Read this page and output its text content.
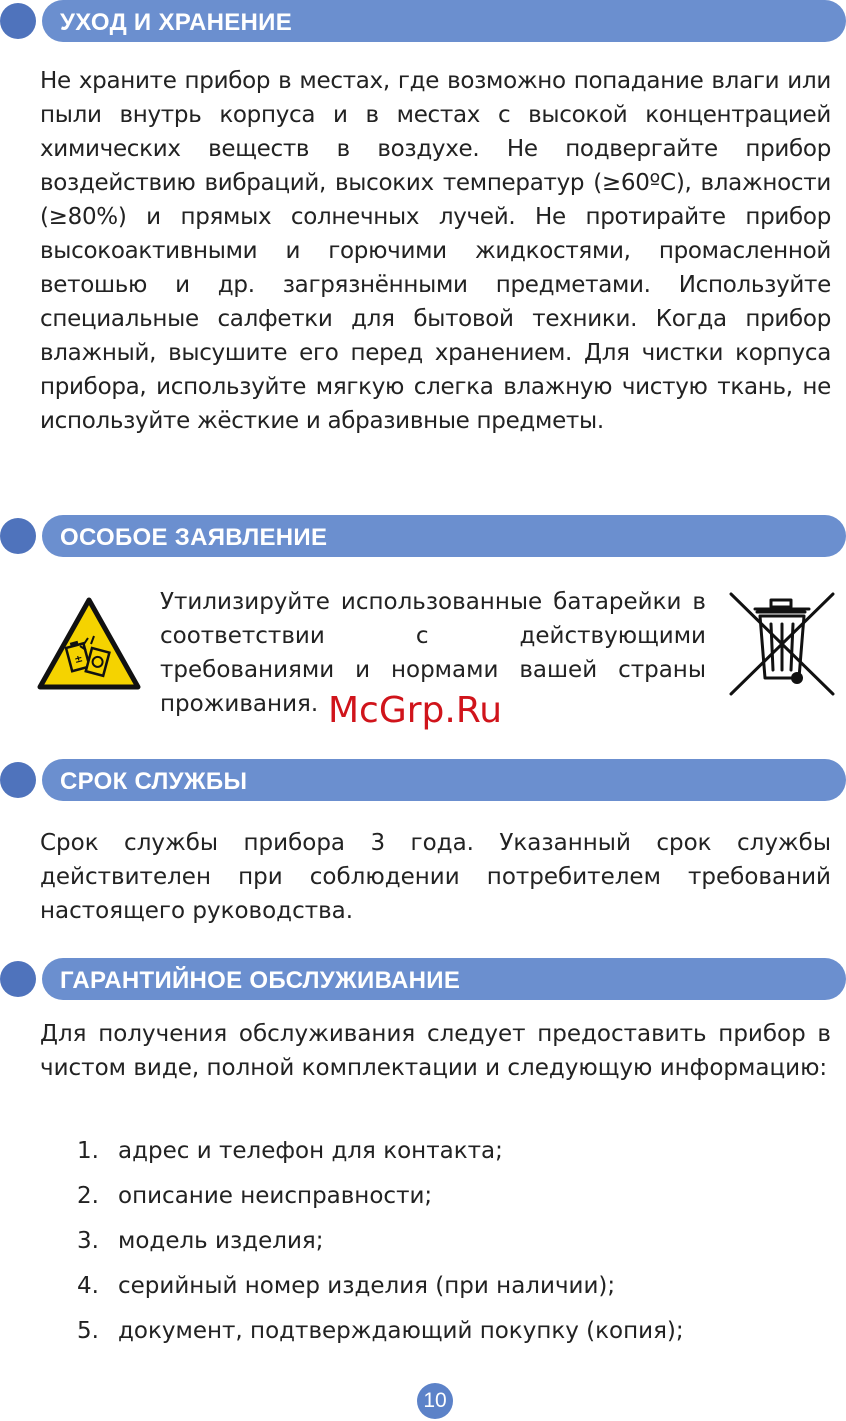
УХОД И ХРАНЕНИЕ

Не храните прибор в местах, где возможно попадание влаги или пыли внутрь корпуса и в местах с высокой концентрацией химических веществ в воздухе. Не подвергайте прибор воздействию вибраций, высоких температур (≥60ºС), влажности (≥80%) и прямых солнечных лучей. Не протирайте прибор высокоактивными и горючими жидкостями, промасленной ветошью и др. загрязнёнными предметами. Используйте специальные салфетки для бытовой техники. Когда прибор влажный, высушите его перед хранением. Для чистки корпуса прибора, используйте мягкую слегка влажную чистую ткань, не используйте жёсткие и абразивные предметы.

ОСОБОЕ ЗАЯВЛЕНИЕ
±

Утилизируйте использованные батарейки в соответствии с действующими требованиями и нормами вашей страны проживания. McGrp.Ru
СРОК СЛУЖБЫ

Срок службы прибора 3 года. Указанный срок службы действителен при соблюдении потребителем требований настоящего руководства.

ГАРАНТИЙНОЕ ОБСЛУЖИВАНИЕ

Для получения обслуживания следует предоставить прибор в чистом виде, полной комплектации и следующую информацию:

1. адрес и телефон для контакта;
2. описание неисправности;
3. модель изделия;
4. серийный номер изделия (при наличии);
5. документ, подтверждающий покупку (копия);
10
